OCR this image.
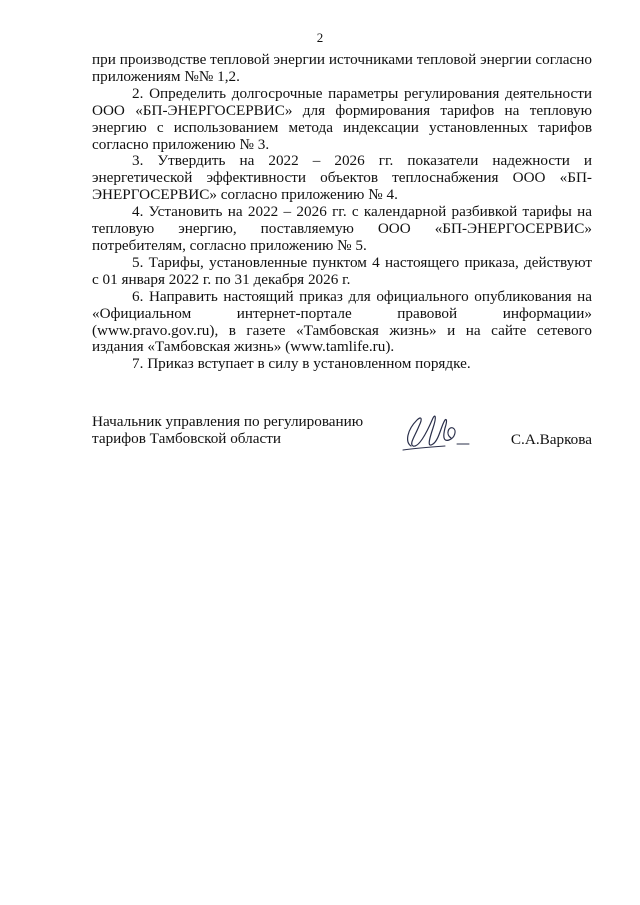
2

при производстве тепловой энергии источниками тепловой энергии согласно приложениям №№ 1,2.

2. Определить долгосрочные параметры регулирования деятельности ООО «БП-ЭНЕРГОСЕРВИС» для формирования тарифов на тепловую энергию с использованием метода индексации установленных тарифов согласно приложению № 3.

3. Утвердить на 2022 – 2026 гг. показатели надежности и энергетической эффективности объектов теплоснабжения ООО «БП-ЭНЕРГОСЕРВИС» согласно приложению № 4.

4. Установить на 2022 – 2026 гг. с календарной разбивкой тарифы на тепловую энергию, поставляемую ООО «БП-ЭНЕРГОСЕРВИС» потребителям, согласно приложению № 5.

5. Тарифы, установленные пунктом 4 настоящего приказа, действуют с 01 января 2022 г. по 31 декабря 2026 г.

6. Направить настоящий приказ для официального опубликования на «Официальном интернет-портале правовой информации» (www.pravo.gov.ru), в газете «Тамбовская жизнь» и на сайте сетевого издания «Тамбовская жизнь» (www.tamlife.ru).

7. Приказ вступает в силу в установленном порядке.

Начальник управления по регулированию
тарифов Тамбовской области	С.А.Варкова
